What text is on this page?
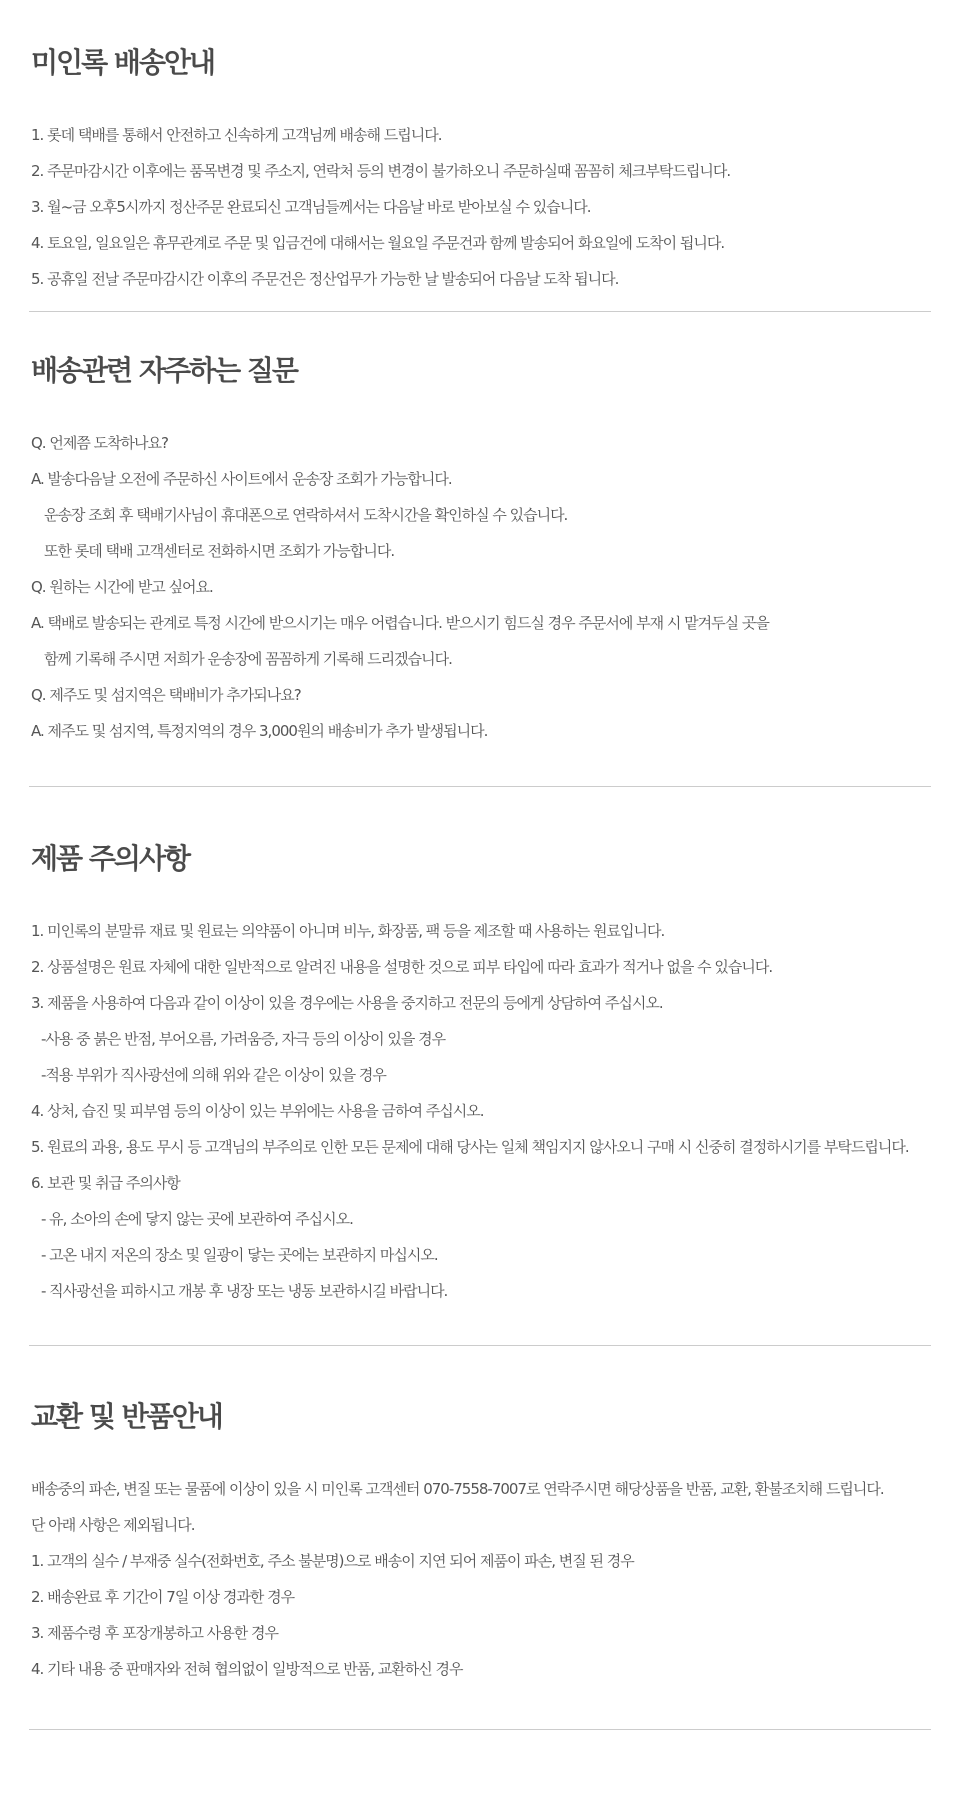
미인록 배송안내
1. 롯데 택배를 통해서 안전하고 신속하게 고객님께 배송해 드립니다.
2. 주문마감시간 이후에는 품목변경 및 주소지, 연락처 등의 변경이 불가하오니 주문하실때 꼼꼼히 체크부탁드립니다.
3. 월~금 오후5시까지 정산주문 완료되신 고객님들께서는 다음날 바로 받아보실 수 있습니다.
4. 토요일, 일요일은 휴무관계로 주문 및 입금건에 대해서는 월요일 주문건과 함께 발송되어 화요일에 도착이 됩니다.
5. 공휴일 전날 주문마감시간 이후의 주문건은 정산업무가 가능한 날 발송되어 다음날 도착 됩니다.
배송관련 자주하는 질문
Q. 언제쯤 도착하나요?
A. 발송다음날 오전에 주문하신 사이트에서 운송장 조회가 가능합니다.
운송장 조회 후 택배기사님이 휴대폰으로 연락하셔서 도착시간을 확인하실 수 있습니다.
또한 롯데 택배 고객센터로 전화하시면 조회가 가능합니다.
Q. 원하는 시간에 받고 싶어요.
A. 택배로 발송되는 관계로 특정 시간에 받으시기는 매우 어렵습니다. 받으시기 힘드실 경우 주문서에 부재 시 맡겨두실 곳을
함께 기록해 주시면 저희가 운송장에 꼼꼼하게 기록해 드리겠습니다.
Q. 제주도 및 섬지역은 택배비가 추가되나요?
A. 제주도 및 섬지역, 특정지역의 경우 3,000원의 배송비가 추가 발생됩니다.
제품 주의사항
1. 미인록의 분말류 재료 및 원료는 의약품이 아니며 비누, 화장품, 팩 등을 제조할 때 사용하는 원료입니다.
2. 상품설명은 원료 자체에 대한 일반적으로 알려진 내용을 설명한 것으로 피부 타입에 따라 효과가 적거나 없을 수 있습니다.
3. 제품을 사용하여 다음과 같이 이상이 있을 경우에는 사용을 중지하고 전문의 등에게 상담하여 주십시오.
-사용 중 붉은 반점, 부어오름, 가려움증, 자극 등의 이상이 있을 경우
-적용 부위가 직사광선에 의해 위와 같은 이상이 있을 경우
4. 상처, 습진 및 피부염 등의 이상이 있는 부위에는 사용을 금하여 주십시오.
5. 원료의 과용, 용도 무시 등 고객님의 부주의로 인한 모든 문제에 대해 당사는 일체 책임지지 않사오니 구매 시 신중히 결정하시기를 부탁드립니다.
6. 보관 및 취급 주의사항
- 유, 소아의 손에 닿지 않는 곳에 보관하여 주십시오.
- 고온 내지 저온의 장소 및 일광이 닿는 곳에는 보관하지 마십시오.
- 직사광선을 피하시고 개봉 후 냉장 또는 냉동 보관하시길 바랍니다.
교환 및 반품안내
배송중의 파손, 변질 또는 물품에 이상이 있을 시 미인록 고객센터 070-7558-7007로 연락주시면 해당상품을 반품, 교환, 환불조치해 드립니다.
단 아래 사항은 제외됩니다.
1. 고객의 실수 / 부재중 실수(전화번호, 주소 불분명)으로 배송이 지연 되어 제품이 파손, 변질 된 경우
2. 배송완료 후 기간이 7일 이상 경과한 경우
3. 제품수령 후 포장개봉하고 사용한 경우
4. 기타 내용 중 판매자와 전혀 협의없이 일방적으로 반품, 교환하신 경우
